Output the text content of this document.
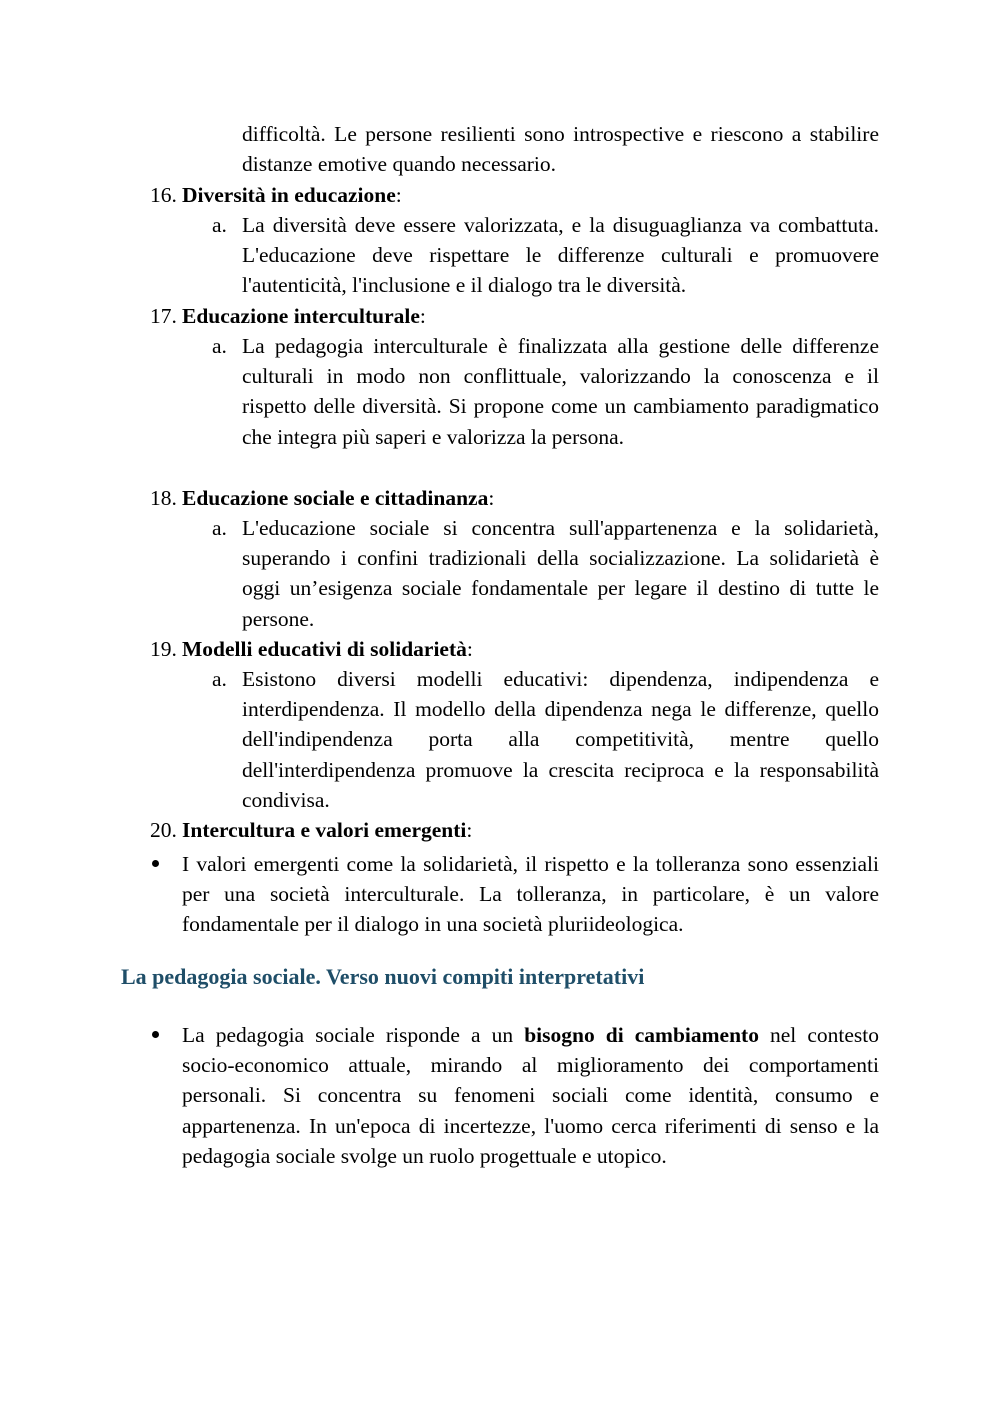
difficoltà. Le persone resilienti sono introspective e riescono a stabilire distanze emotive quando necessario.
16. Diversità in educazione:
a. La diversità deve essere valorizzata, e la disuguaglianza va combattuta. L'educazione deve rispettare le differenze culturali e promuovere l'autenticità, l'inclusione e il dialogo tra le diversità.
17. Educazione interculturale:
a. La pedagogia interculturale è finalizzata alla gestione delle differenze culturali in modo non conflittuale, valorizzando la conoscenza e il rispetto delle diversità. Si propone come un cambiamento paradigmatico che integra più saperi e valorizza la persona.
18. Educazione sociale e cittadinanza:
a. L'educazione sociale si concentra sull'appartenenza e la solidarietà, superando i confini tradizionali della socializzazione. La solidarietà è oggi un’esigenza sociale fondamentale per legare il destino di tutte le persone.
19. Modelli educativi di solidarietà:
a. Esistono diversi modelli educativi: dipendenza, indipendenza e interdipendenza. Il modello della dipendenza nega le differenze, quello dell'indipendenza porta alla competitività, mentre quello dell'interdipendenza promuove la crescita reciproca e la responsabilità condivisa.
20. Intercultura e valori emergenti:
I valori emergenti come la solidarietà, il rispetto e la tolleranza sono essenziali per una società interculturale. La tolleranza, in particolare, è un valore fondamentale per il dialogo in una società pluriideologica.
La pedagogia sociale. Verso nuovi compiti interpretativi
La pedagogia sociale risponde a un bisogno di cambiamento nel contesto socio-economico attuale, mirando al miglioramento dei comportamenti personali. Si concentra su fenomeni sociali come identità, consumo e appartenenza. In un'epoca di incertezze, l'uomo cerca riferimenti di senso e la pedagogia sociale svolge un ruolo progettuale e utopico.
